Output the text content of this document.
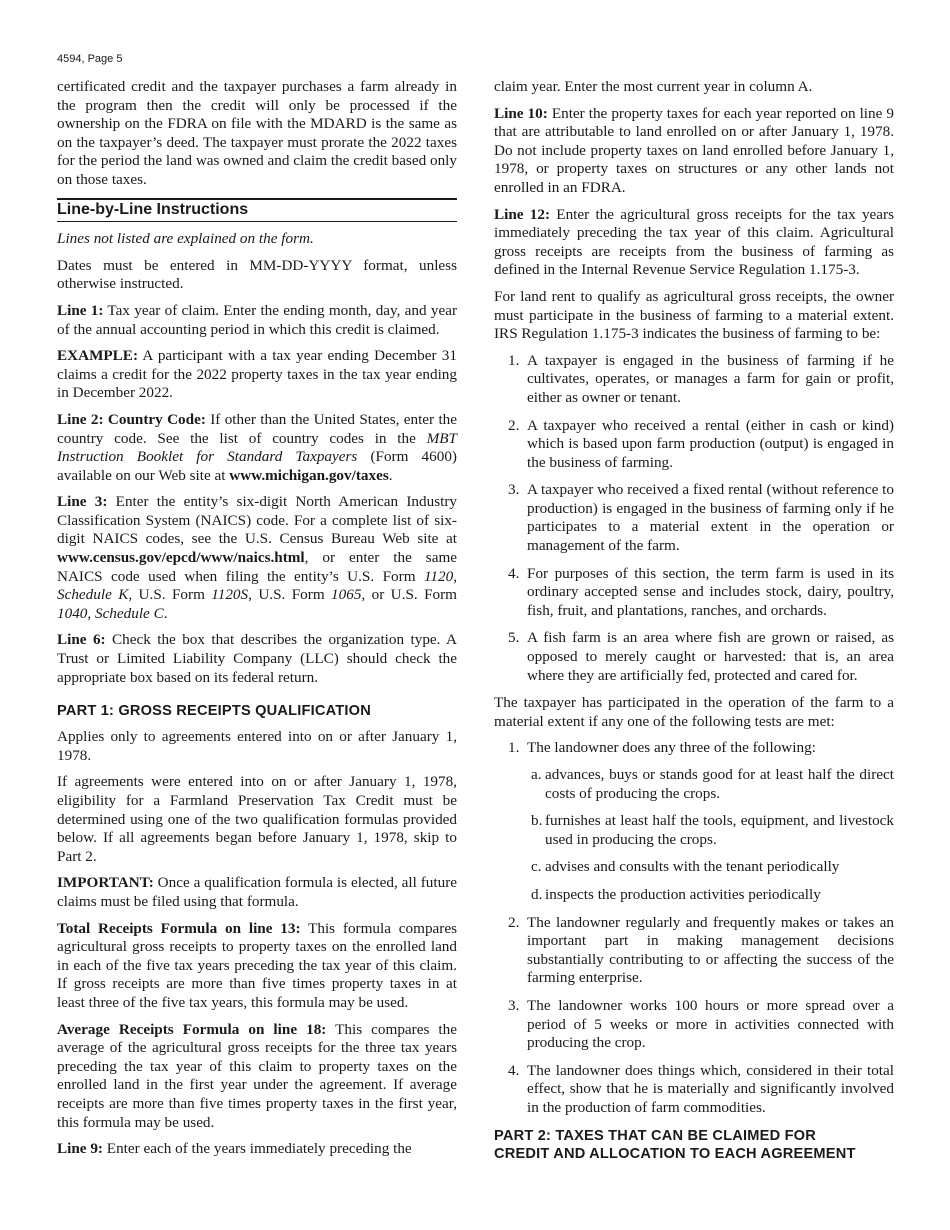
4594, Page 5

certificated credit and the taxpayer purchases a farm already in the program then the credit will only be processed if the ownership on the FDRA on file with the MDARD is the same as on the taxpayer’s deed. The taxpayer must prorate the 2022 taxes for the period the land was owned and claim the credit based only on those taxes.

Line-by-Line Instructions

Lines not listed are explained on the form.

Dates must be entered in MM-DD-YYYY format, unless otherwise instructed.

Line 1: Tax year of claim. Enter the ending month, day, and year of the annual accounting period in which this credit is claimed.

EXAMPLE: A participant with a tax year ending December 31 claims a credit for the 2022 property taxes in the tax year ending in December 2022.

Line 2: Country Code: If other than the United States, enter the country code. See the list of country codes in the MBT Instruction Booklet for Standard Taxpayers (Form 4600) available on our Web site at www.michigan.gov/taxes.

Line 3: Enter the entity’s six-digit North American Industry Classification System (NAICS) code. For a complete list of six-digit NAICS codes, see the U.S. Census Bureau Web site at www.census.gov/epcd/www/naics.html, or enter the same NAICS code used when filing the entity’s U.S. Form 1120, Schedule K, U.S. Form 1120S, U.S. Form 1065, or U.S. Form 1040, Schedule C.

Line 6: Check the box that describes the organization type. A Trust or Limited Liability Company (LLC) should check the appropriate box based on its federal return.

PART 1: GROSS RECEIPTS QUALIFICATION

Applies only to agreements entered into on or after January 1, 1978.

If agreements were entered into on or after January 1, 1978, eligibility for a Farmland Preservation Tax Credit must be determined using one of the two qualification formulas provided below. If all agreements began before January 1, 1978, skip to Part 2.

IMPORTANT: Once a qualification formula is elected, all future claims must be filed using that formula.

Total Receipts Formula on line 13: This formula compares agricultural gross receipts to property taxes on the enrolled land in each of the five tax years preceding the tax year of this claim. If gross receipts are more than five times property taxes in at least three of the five tax years, this formula may be used.

Average Receipts Formula on line 18: This compares the average of the agricultural gross receipts for the three tax years preceding the tax year of this claim to property taxes on the enrolled land in the first year under the agreement. If average receipts are more than five times property taxes in the first year, this formula may be used.

Line 9: Enter each of the years immediately preceding the

claim year. Enter the most current year in column A.

Line 10: Enter the property taxes for each year reported on line 9 that are attributable to land enrolled on or after January 1, 1978. Do not include property taxes on land enrolled before January 1, 1978, or property taxes on structures or any other lands not enrolled in an FDRA.

Line 12: Enter the agricultural gross receipts for the tax years immediately preceding the tax year of this claim. Agricultural gross receipts are receipts from the business of farming as defined in the Internal Revenue Service Regulation 1.175-3.

For land rent to qualify as agricultural gross receipts, the owner must participate in the business of farming to a material extent. IRS Regulation 1.175-3 indicates the business of farming to be:

1. A taxpayer is engaged in the business of farming if he cultivates, operates, or manages a farm for gain or profit, either as owner or tenant.
2. A taxpayer who received a rental (either in cash or kind) which is based upon farm production (output) is engaged in the business of farming.
3. A taxpayer who received a fixed rental (without reference to production) is engaged in the business of farming only if he participates to a material extent in the operation or management of the farm.
4. For purposes of this section, the term farm is used in its ordinary accepted sense and includes stock, dairy, poultry, fish, fruit, and plantations, ranches, and orchards.
5. A fish farm is an area where fish are grown or raised, as opposed to merely caught or harvested: that is, an area where they are artificially fed, protected and cared for.

The taxpayer has participated in the operation of the farm to a material extent if any one of the following tests are met:

1. The landowner does any three of the following:
a. advances, buys or stands good for at least half the direct costs of producing the crops.
b. furnishes at least half the tools, equipment, and livestock used in producing the crops.
c. advises and consults with the tenant periodically
d. inspects the production activities periodically
2. The landowner regularly and frequently makes or takes an important part in making management decisions substantially contributing to or affecting the success of the farming enterprise.
3. The landowner works 100 hours or more spread over a period of 5 weeks or more in activities connected with producing the crop.
4. The landowner does things which, considered in their total effect, show that he is materially and significantly involved in the production of farm commodities.
PART 2: TAXES THAT CAN BE CLAIMED FOR
CREDIT AND ALLOCATION TO EACH AGREEMENT
